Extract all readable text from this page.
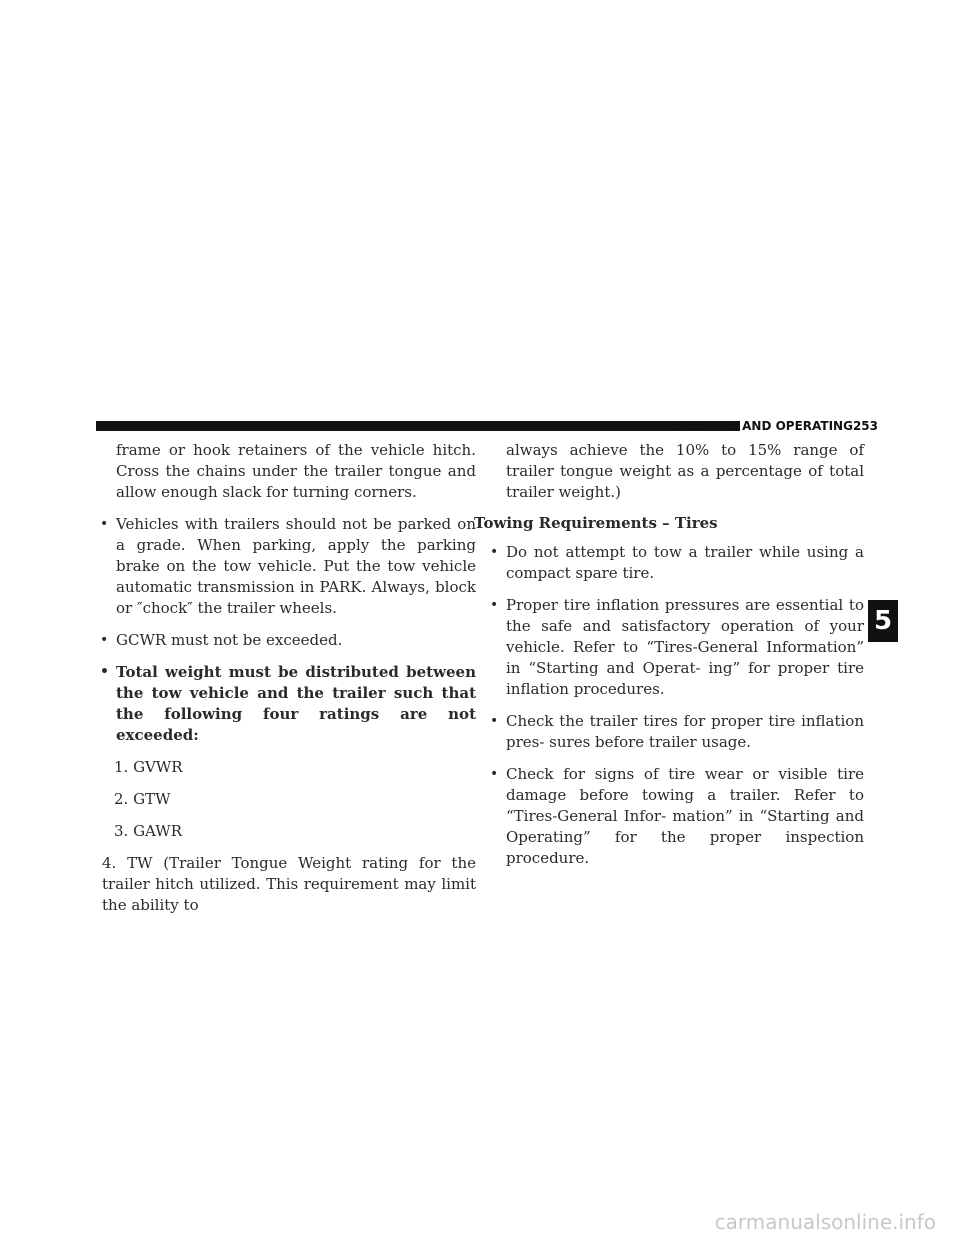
STARTING AND OPERATING 253

frame or hook retainers of the vehicle hitch. Cross the chains under the trailer tongue and allow enough slack for turning corners.

• Vehicles with trailers should not be parked on a grade. When parking, apply the parking brake on the tow vehicle. Put the tow vehicle automatic transmission in PARK. Always, block or ″chock″ the trailer wheels.
• GCWR must not be exceeded.
• Total weight must be distributed between the tow vehicle and the trailer such that the following four ratings are not exceeded:

1. GVWR

2. GTW

3. GAWR

4. TW (Trailer Tongue Weight rating for the trailer hitch utilized. This requirement may limit the ability to

always achieve the 10% to 15% range of trailer tongue weight as a percentage of total trailer weight.)

Towing Requirements – Tires

• Do not attempt to tow a trailer while using a compact spare tire.
• Proper tire inflation pressures are essential to the safe and satisfactory operation of your vehicle. Refer to “Tires-General Information” in “Starting and Operat- ing” for proper tire inflation procedures.
• Check the trailer tires for proper tire inflation pres- sures before trailer usage.
• Check for signs of tire wear or visible tire damage before towing a trailer. Refer to “Tires-General Infor- mation” in “Starting and Operating” for the proper inspection procedure.
5
carmanualsonline.info
